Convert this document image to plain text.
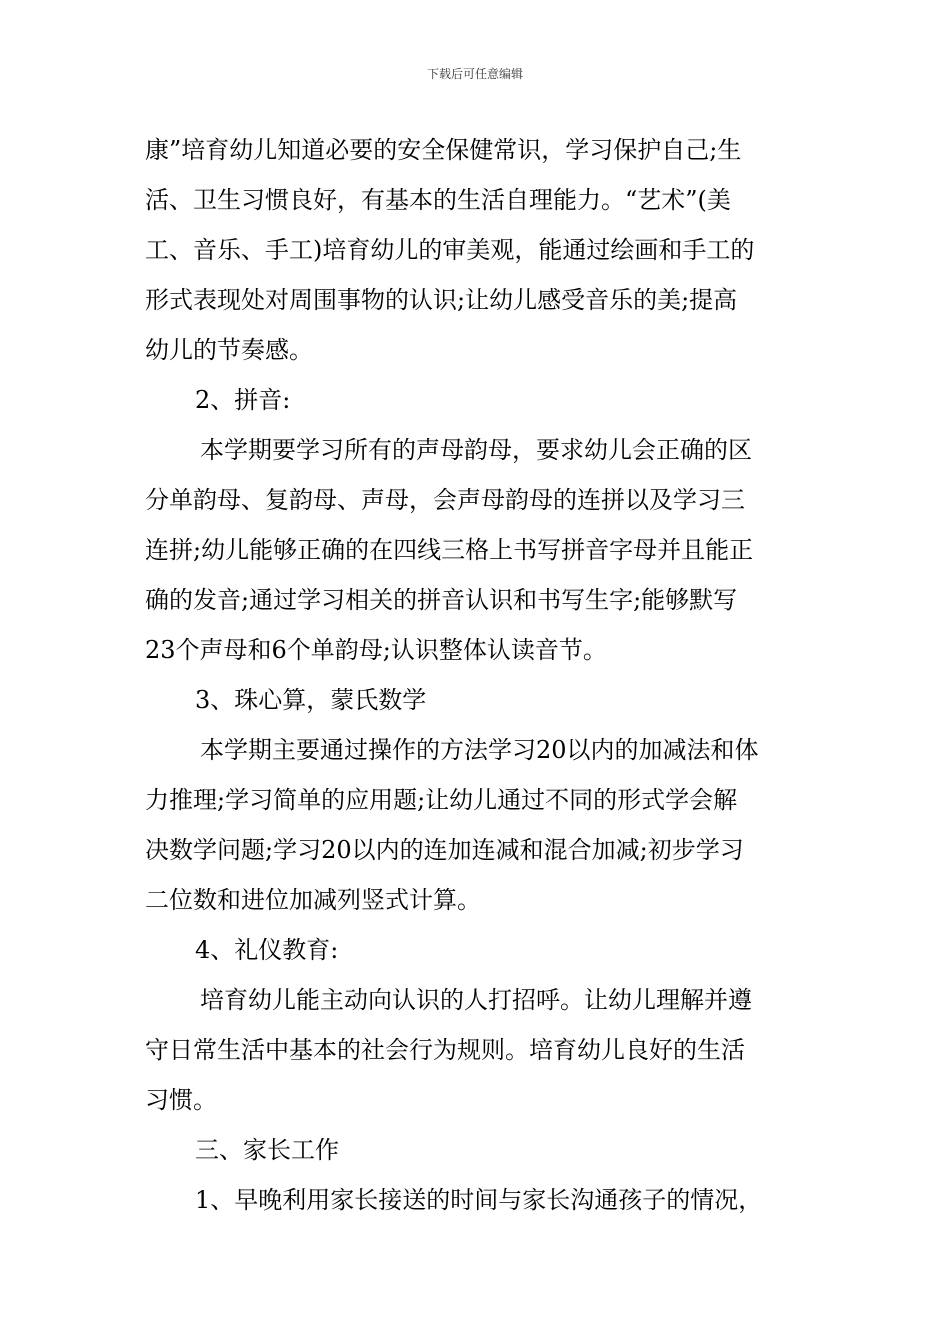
下载后可任意编辑
康”培育幼儿知道必要的安全保健常识，学习保护自己;生
活、卫生习惯良好，有基本的生活自理能力。“艺术”(美
工、音乐、手工)培育幼儿的审美观，能通过绘画和手工的
形式表现处对周围事物的认识;让幼儿感受音乐的美;提高
幼儿的节奏感。
2、拼音:
本学期要学习所有的声母韵母，要求幼儿会正确的区
分单韵母、复韵母、声母，会声母韵母的连拼以及学习三
连拼;幼儿能够正确的在四线三格上书写拼音字母并且能正
确的发音;通过学习相关的拼音认识和书写生字;能够默写
23个声母和6个单韵母;认识整体认读音节。
3、珠心算，蒙氏数学
本学期主要通过操作的方法学习20以内的加减法和体
力推理;学习简单的应用题;让幼儿通过不同的形式学会解
决数学问题;学习20以内的连加连减和混合加减;初步学习
二位数和进位加减列竖式计算。
4、礼仪教育:
培育幼儿能主动向认识的人打招呼。让幼儿理解并遵
守日常生活中基本的社会行为规则。培育幼儿良好的生活
习惯。
三、家长工作
1、早晚利用家长接送的时间与家长沟通孩子的情况，
